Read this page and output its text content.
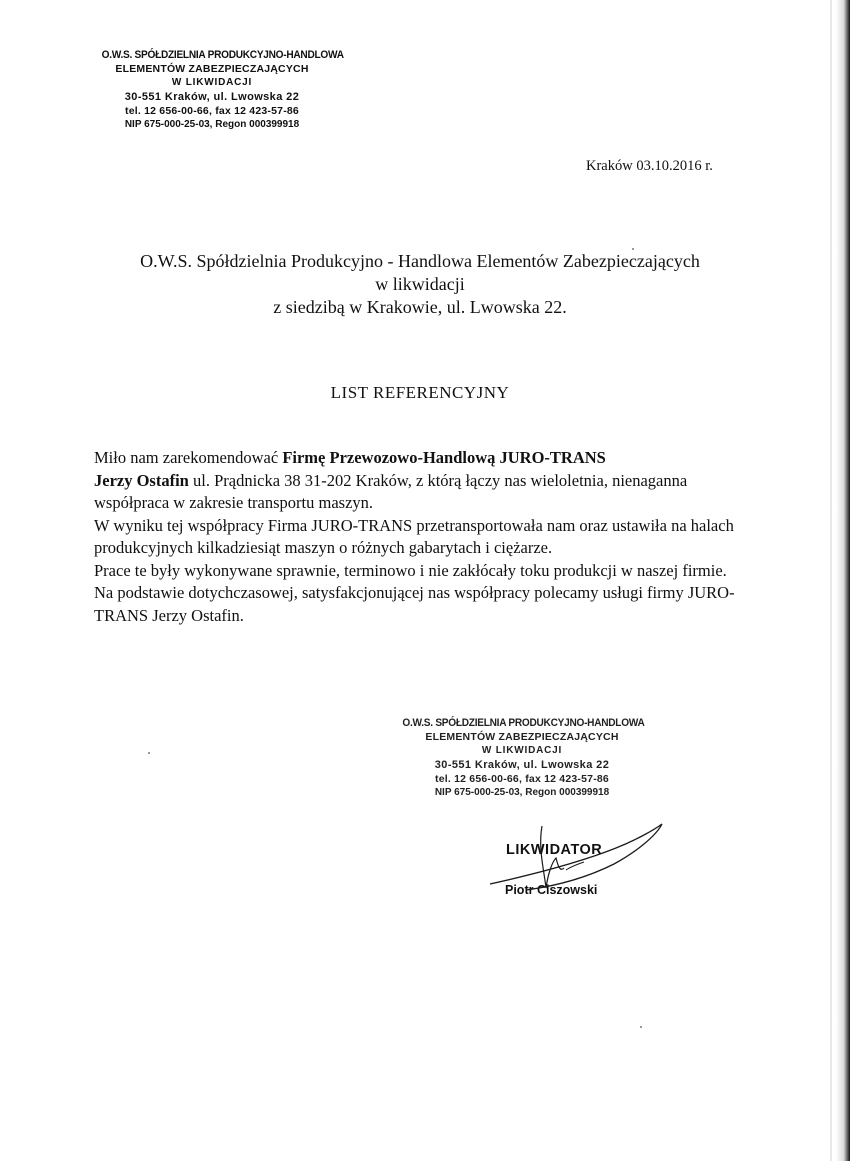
O.W.S. SPÓŁDZIELNIA PRODUKCYJNO-HANDLOWA
ELEMENTÓW ZABEZPIECZAJĄCYCH
W LIKWIDACJI
30-551 Kraków, ul. Lwowska 22
tel. 12 656-00-66, fax 12 423-57-86
NIP 675-000-25-03, Regon 000399918
Kraków 03.10.2016 r.
O.W.S. Spółdzielnia Produkcyjno - Handlowa Elementów Zabezpieczających
w likwidacji
z siedzibą w Krakowie, ul. Lwowska 22.
LIST REFERENCYJNY

Miło nam zarekomendować Firmę Przewozowo-Handlową JURO-TRANS
Jerzy Ostafin ul. Prądnicka 38 31-202 Kraków, z którą łączy nas wieloletnia, nienaganna współpraca w zakresie transportu maszyn.

W wyniku tej współpracy Firma JURO-TRANS przetransportowała nam oraz ustawiła na halach produkcyjnych kilkadziesiąt maszyn o różnych gabarytach i ciężarze.

Prace te były wykonywane sprawnie, terminowo i nie zakłócały toku produkcji w naszej firmie.

Na podstawie dotychczasowej, satysfakcjonującej nas współpracy polecamy usługi firmy JURO-TRANS Jerzy Ostafin.

O.W.S. SPÓŁDZIELNIA PRODUKCYJNO-HANDLOWA
ELEMENTÓW ZABEZPIECZAJĄCYCH
W LIKWIDACJI
30-551 Kraków, ul. Lwowska 22
tel. 12 656-00-66, fax 12 423-57-86
NIP 675-000-25-03, Regon 000399918
LIKWIDATOR
Piotr Ciszowski
